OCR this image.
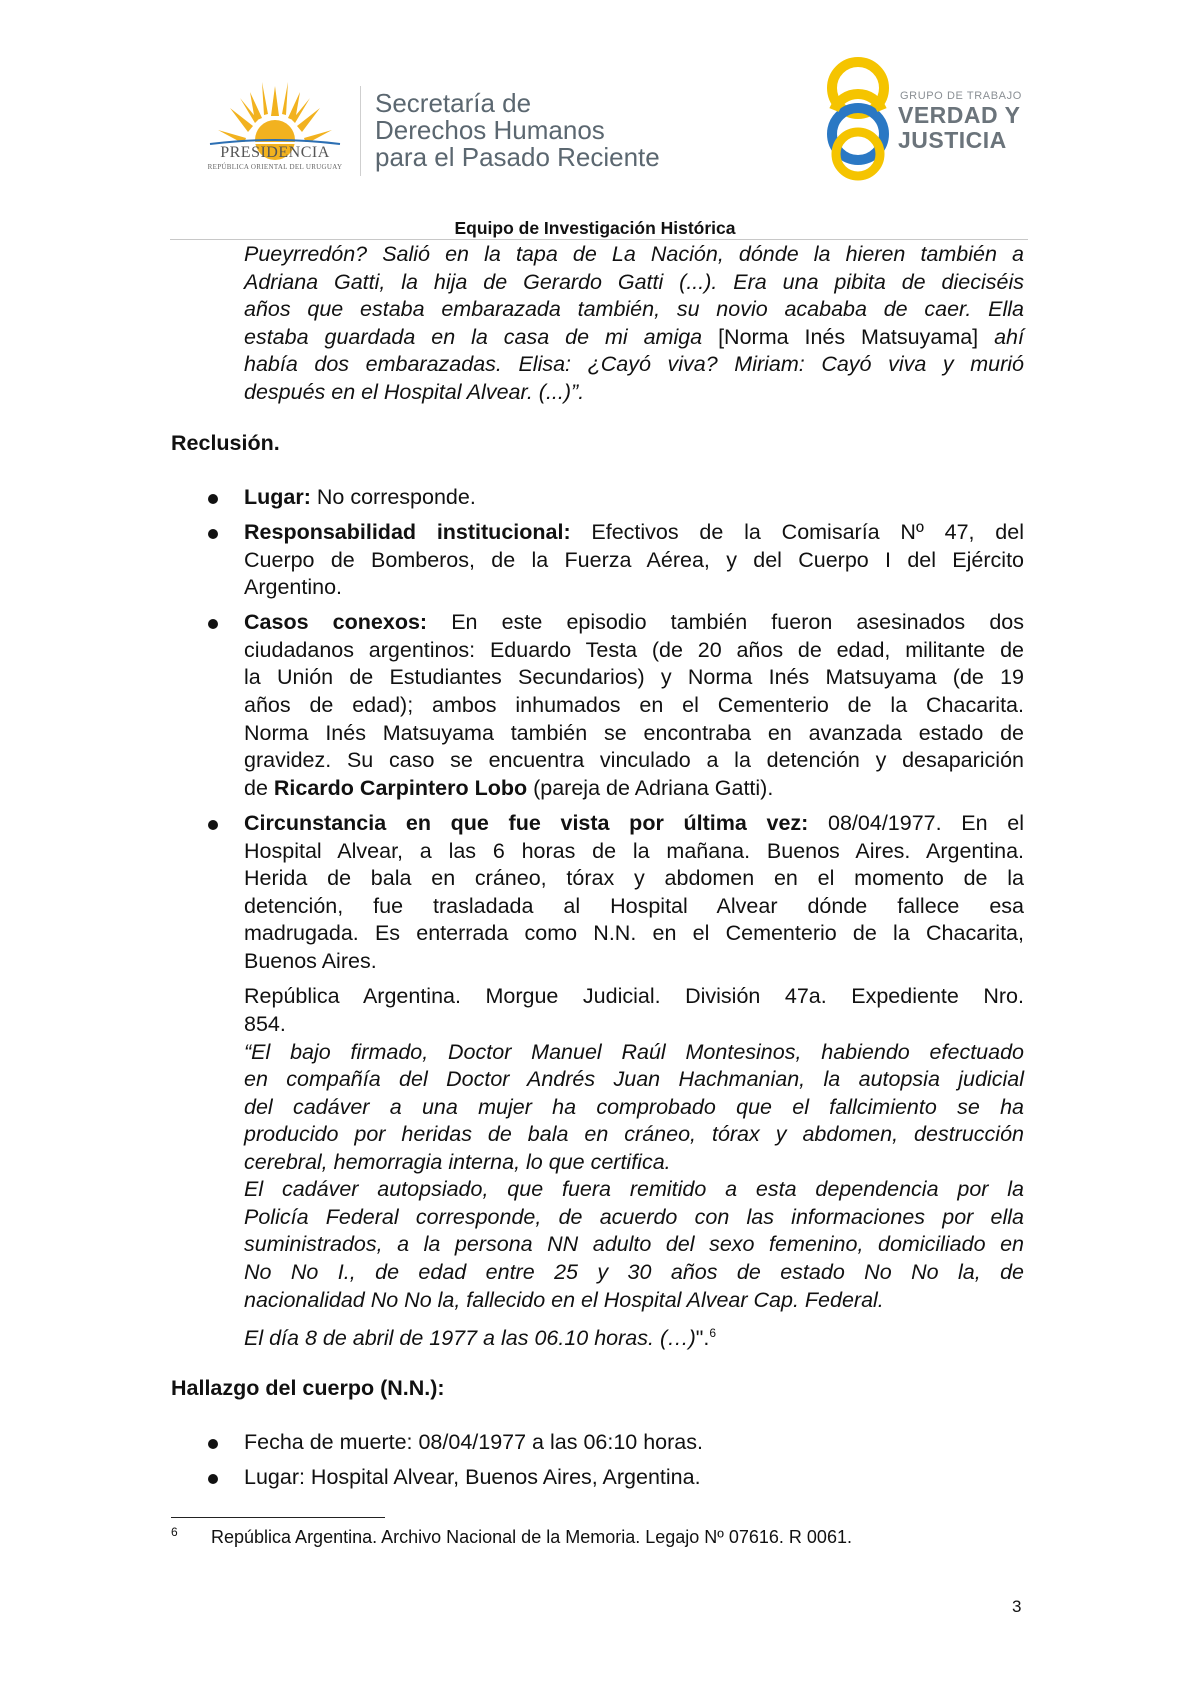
PRESIDENCIA
REPÚBLICA ORIENTAL DEL URUGUAY
Secretaría de
Derechos Humanos
para el Pasado Reciente
GRUPO DE TRABAJO
VERDAD Y
JUSTICIA
Equipo de Investigación Histórica
Pueyrredón? Salió en la tapa de La Nación, dónde la hieren también a
Adriana Gatti, la hija de Gerardo Gatti (...). Era una pibita de dieciséis
años que estaba embarazada también, su novio acababa de caer. Ella
estaba guardada en la casa de mi amiga [Norma Inés Matsuyama] ahí
había dos embarazadas. Elisa: ¿Cayó viva? Miriam: Cayó viva y murió
después en el Hospital Alvear. (...)”.
Reclusión.
Lugar: No corresponde.
Responsabilidad institucional: Efectivos de la Comisaría Nº 47, del
Cuerpo de Bomberos, de la Fuerza Aérea, y del Cuerpo I del Ejército
Argentino.
Casos conexos: En este episodio también fueron asesinados dos
ciudadanos argentinos: Eduardo Testa (de 20 años de edad, militante de
la Unión de Estudiantes Secundarios) y Norma Inés Matsuyama (de 19
años de edad); ambos inhumados en el Cementerio de la Chacarita.
Norma Inés Matsuyama también se encontraba en avanzada estado de
gravidez. Su caso se encuentra vinculado a la detención y desaparición
de Ricardo Carpintero Lobo (pareja de Adriana Gatti).
Circunstancia en que fue vista por última vez: 08/04/1977. En el
Hospital Alvear, a las 6 horas de la mañana. Buenos Aires. Argentina.
Herida de bala en cráneo, tórax y abdomen en el momento de la
detención, fue trasladada al Hospital Alvear dónde fallece esa
madrugada. Es enterrada como N.N. en el Cementerio de la Chacarita,
Buenos Aires.
República Argentina. Morgue Judicial. División 47a. Expediente Nro.
854.
“El bajo firmado, Doctor Manuel Raúl Montesinos, habiendo efectuado
en compañía del Doctor Andrés Juan Hachmanian, la autopsia judicial
del cadáver a una mujer ha comprobado que el fallcimiento se ha
producido por heridas de bala en cráneo, tórax y abdomen, destrucción
cerebral, hemorragia interna, lo que certifica.
El cadáver autopsiado, que fuera remitido a esta dependencia por la
Policía Federal corresponde, de acuerdo con las informaciones por ella
suministrados, a la persona NN adulto del sexo femenino, domiciliado en
No No I., de edad entre 25 y 30 años de estado No No la, de
nacionalidad No No la, fallecido en el Hospital Alvear Cap. Federal.
El día 8 de abril de 1977 a las 06.10 horas. (…)".$^6$
Hallazgo del cuerpo (N.N.):
Fecha de muerte: 08/04/1977 a las 06:10 horas.
Lugar: Hospital Alvear, Buenos Aires, Argentina.
6 República Argentina. Archivo Nacional de la Memoria. Legajo Nº 07616. R 0061.
3
